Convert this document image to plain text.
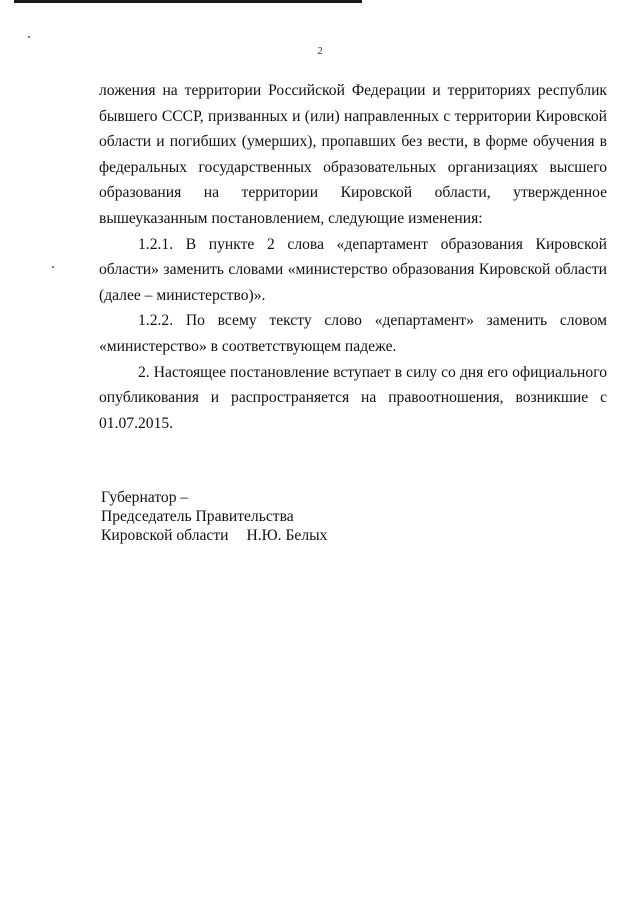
2

ложения на территории Российской Федерации и территориях республик бывшего СССР, призванных и (или) направленных с территории Кировской области и погибших (умерших), пропавших без вести, в форме обучения в федеральных государственных образовательных организациях высшего образования на территории Кировской области, утвержденное вышеуказанным постановлением, следующие изменения:

1.2.1. В пункте 2 слова «департамент образования Кировской области» заменить словами «министерство образования Кировской области (далее – министерство)».

1.2.2. По всему тексту слово «департамент» заменить словом «министерство» в соответствующем падеже.

2. Настоящее постановление вступает в силу со дня его официального опубликования и распространяется на правоотношения, возникшие с 01.07.2015.

Губернатор –
Председатель Правительства
Кировской области Н.Ю. Белых
